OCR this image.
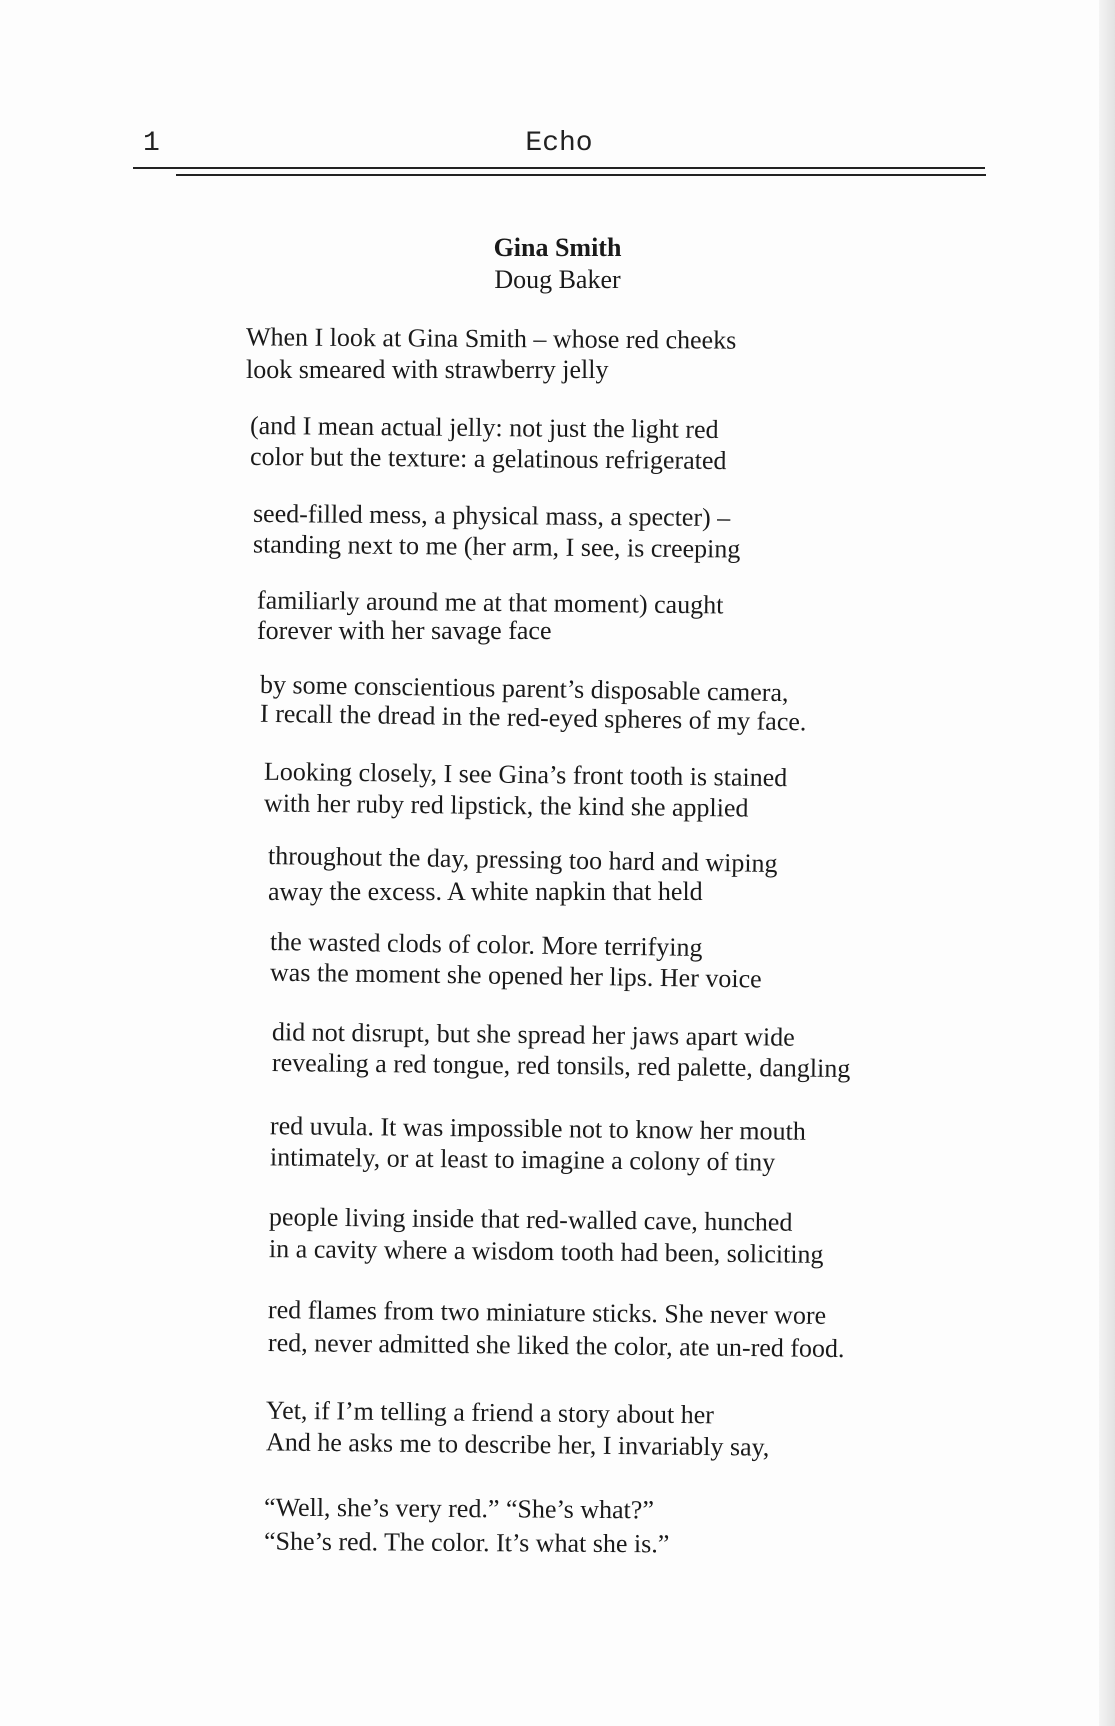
1	Echo
Gina Smith
Doug Baker
When I look at Gina Smith – whose red cheeks
look smeared with strawberry jelly
(and I mean actual jelly: not just the light red
color but the texture: a gelatinous refrigerated
seed-filled mess, a physical mass, a specter) –
standing next to me (her arm, I see, is creeping
familiarly around me at that moment) caught
forever with her savage face
by some conscientious parent’s disposable camera,
I recall the dread in the red-eyed spheres of my face.
Looking closely, I see Gina’s front tooth is stained
with her ruby red lipstick, the kind she applied
throughout the day, pressing too hard and wiping
away the excess. A white napkin that held
the wasted clods of color. More terrifying
was the moment she opened her lips. Her voice
did not disrupt, but she spread her jaws apart wide
revealing a red tongue, red tonsils, red palette, dangling
red uvula. It was impossible not to know her mouth
intimately, or at least to imagine a colony of tiny
people living inside that red-walled cave, hunched
in a cavity where a wisdom tooth had been, soliciting
red flames from two miniature sticks. She never wore
red, never admitted she liked the color, ate un-red food.
Yet, if I’m telling a friend a story about her
And he asks me to describe her, I invariably say,
“Well, she’s very red.” “She’s what?”
“She’s red. The color. It’s what she is.”
